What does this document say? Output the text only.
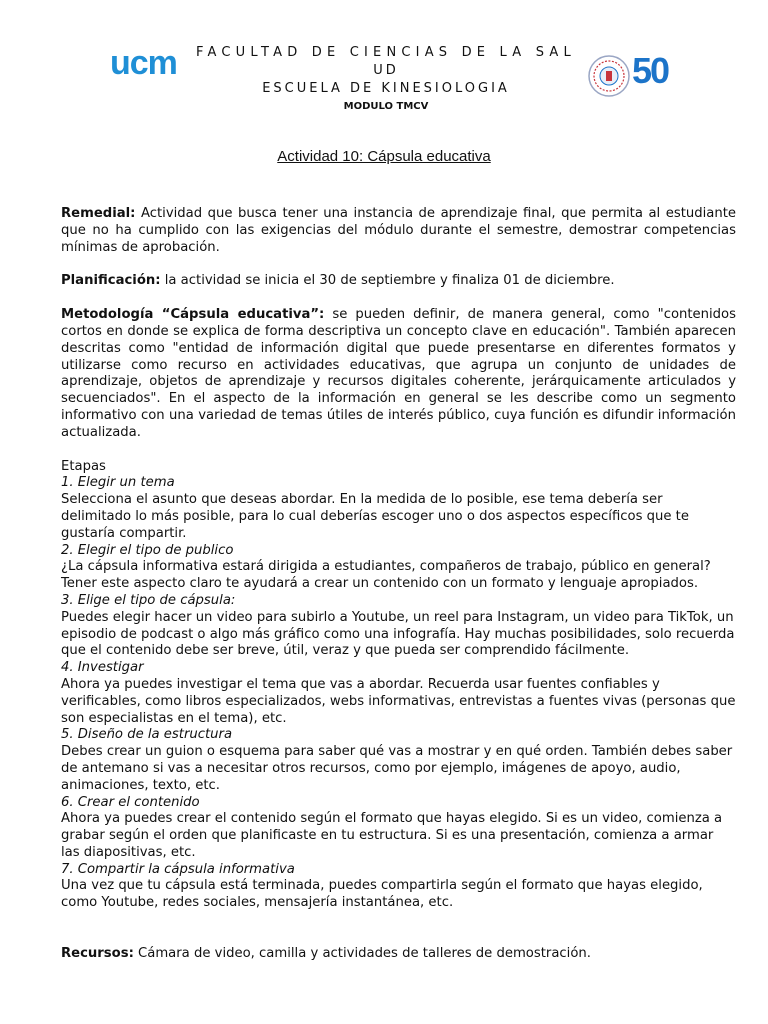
ucm FACULTAD DE CIENCIAS DE LA SAL
UD
ESCUELA DE KINESIOLOGIA
MODULO TMCV
50
Actividad 10: Cápsula educativa

Remedial: Actividad que busca tener una instancia de aprendizaje final, que permita al estudiante que no ha cumplido con las exigencias del módulo durante el semestre, demostrar competencias mínimas de aprobación.

Planificación: la actividad se inicia el 30 de septiembre y finaliza 01 de diciembre.

Metodología “Cápsula educativa”: se pueden definir, de manera general, como "contenidos cortos en donde se explica de forma descriptiva un concepto clave en educación". También aparecen descritas como "entidad de información digital que puede presentarse en diferentes formatos y utilizarse como recurso en actividades educativas, que agrupa un conjunto de unidades de aprendizaje, objetos de aprendizaje y recursos digitales coherente, jerárquicamente articulados y secuenciados". En el aspecto de la información en general se les describe como un segmento informativo con una variedad de temas útiles de interés público, cuya función es difundir información actualizada.

Etapas

1. Elegir un tema

Selecciona el asunto que deseas abordar. En la medida de lo posible, ese tema debería ser delimitado lo más posible, para lo cual deberías escoger uno o dos aspectos específicos que te gustaría compartir.

2. Elegir el tipo de publico

¿La cápsula informativa estará dirigida a estudiantes, compañeros de trabajo, público en general? Tener este aspecto claro te ayudará a crear un contenido con un formato y lenguaje apropiados.

3. Elige el tipo de cápsula:

Puedes elegir hacer un video para subirlo a Youtube, un reel para Instagram, un video para TikTok, un episodio de podcast o algo más gráfico como una infografía. Hay muchas posibilidades, solo recuerda que el contenido debe ser breve, útil, veraz y que pueda ser comprendido fácilmente.

4. Investigar

Ahora ya puedes investigar el tema que vas a abordar. Recuerda usar fuentes confiables y verificables, como libros especializados, webs informativas, entrevistas a fuentes vivas (personas que son especialistas en el tema), etc.

5. Diseño de la estructura

Debes crear un guion o esquema para saber qué vas a mostrar y en qué orden. También debes saber de antemano si vas a necesitar otros recursos, como por ejemplo, imágenes de apoyo, audio, animaciones, texto, etc.

6. Crear el contenido

Ahora ya puedes crear el contenido según el formato que hayas elegido. Si es un video, comienza a grabar según el orden que planificaste en tu estructura. Si es una presentación, comienza a armar las diapositivas, etc.

7. Compartir la cápsula informativa

Una vez que tu cápsula está terminada, puedes compartirla según el formato que hayas elegido, como Youtube, redes sociales, mensajería instantánea, etc.

Recursos: Cámara de video, camilla y actividades de talleres de demostración.
